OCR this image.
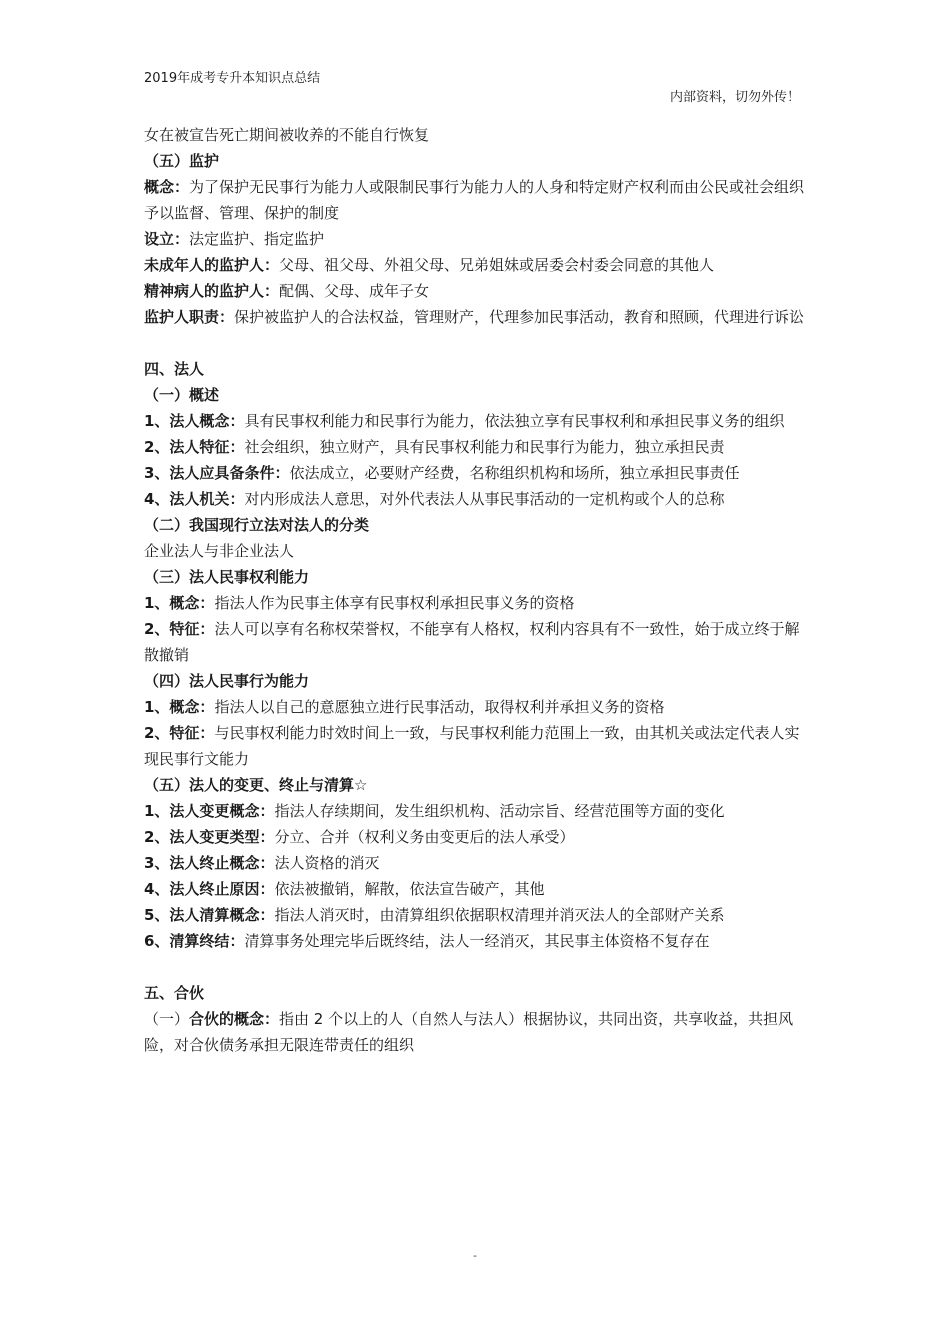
2019年成考专升本知识点总结
内部资料，切勿外传！

女在被宣告死亡期间被收养的不能自行恢复

（五）监护

概念：为了保护无民事行为能力人或限制民事行为能力人的人身和特定财产权利而由公民或社会组织予以监督、管理、保护的制度

设立：法定监护、指定监护

未成年人的监护人：父母、祖父母、外祖父母、兄弟姐妹或居委会村委会同意的其他人

精神病人的监护人：配偶、父母、成年子女

监护人职责：保护被监护人的合法权益，管理财产，代理参加民事活动，教育和照顾，代理进行诉讼

四、法人

（一）概述

1、法人概念：具有民事权利能力和民事行为能力，依法独立享有民事权利和承担民事义务的组织

2、法人特征：社会组织，独立财产，具有民事权利能力和民事行为能力，独立承担民责

3、法人应具备条件：依法成立，必要财产经费，名称组织机构和场所，独立承担民事责任

4、法人机关：对内形成法人意思，对外代表法人从事民事活动的一定机构或个人的总称

（二）我国现行立法对法人的分类

企业法人与非企业法人

（三）法人民事权利能力

1、概念：指法人作为民事主体享有民事权利承担民事义务的资格

2、特征：法人可以享有名称权荣誉权，不能享有人格权，权利内容具有不一致性，始于成立终于解散撤销

（四）法人民事行为能力

1、概念：指法人以自己的意愿独立进行民事活动，取得权利并承担义务的资格

2、特征：与民事权利能力时效时间上一致，与民事权利能力范围上一致，由其机关或法定代表人实现民事行文能力

（五）法人的变更、终止与清算☆

1、法人变更概念：指法人存续期间，发生组织机构、活动宗旨、经营范围等方面的变化

2、法人变更类型：分立、合并（权利义务由变更后的法人承受）

3、法人终止概念：法人资格的消灭

4、法人终止原因：依法被撤销，解散，依法宣告破产，其他

5、法人清算概念：指法人消灭时，由清算组织依据职权清理并消灭法人的全部财产关系

6、清算终结：清算事务处理完毕后既终结，法人一经消灭，其民事主体资格不复存在

五、合伙

（一）合伙的概念：指由 2 个以上的人（自然人与法人）根据协议，共同出资，共享收益，共担风险，对合伙债务承担无限连带责任的组织

-
